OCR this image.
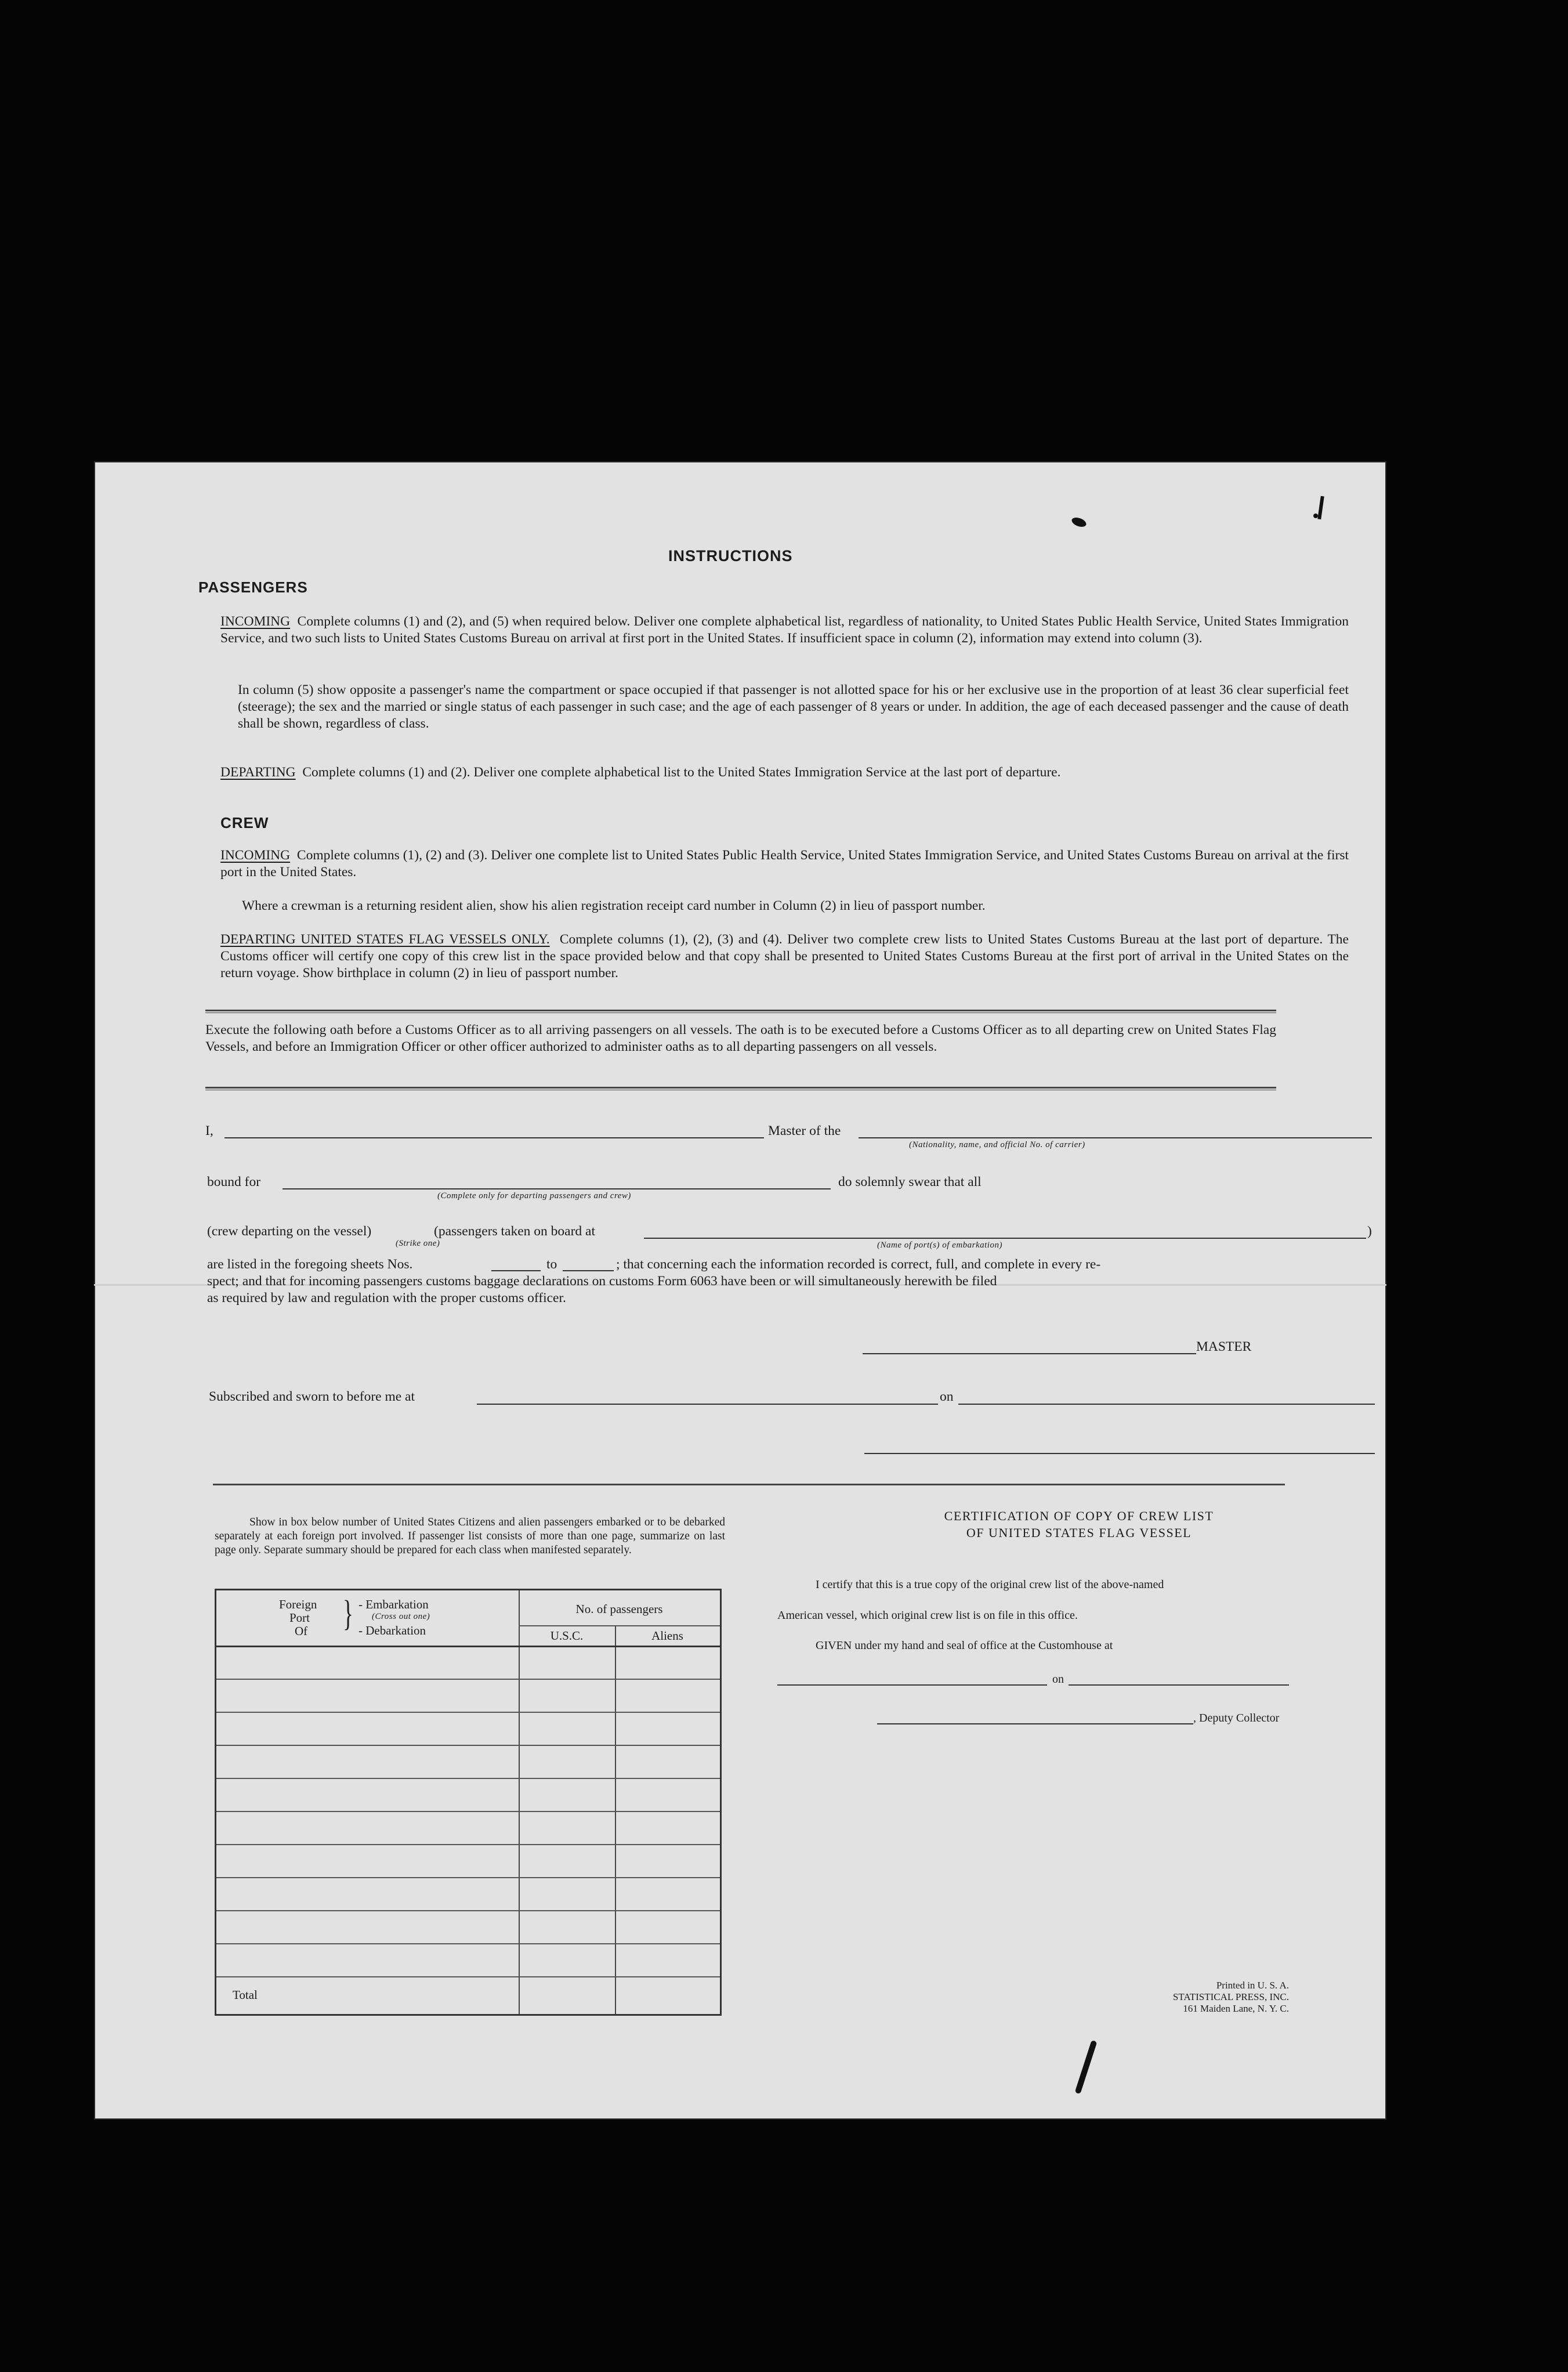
INSTRUCTIONS
PASSENGERS
INCOMING Complete columns (1) and (2), and (5) when required below. Deliver one complete alphabetical list, regardless of nationality, to United States Public Health Service, United States Immigration Service, and two such lists to United States Customs Bureau on arrival at first port in the United States. If insufficient space in column (2), information may extend into column (3).
In column (5) show opposite a passenger's name the compartment or space occupied if that passenger is not allotted space for his or her exclusive use in the proportion of at least 36 clear superficial feet (steerage); the sex and the married or single status of each passenger in such case; and the age of each passenger of 8 years or under. In addition, the age of each deceased passenger and the cause of death shall be shown, regardless of class.
DEPARTING Complete columns (1) and (2). Deliver one complete alphabetical list to the United States Immigration Service at the last port of departure.
CREW
INCOMING Complete columns (1), (2) and (3). Deliver one complete list to United States Public Health Service, United States Immigration Service, and United States Customs Bureau on arrival at the first port in the United States.
Where a crewman is a returning resident alien, show his alien registration receipt card number in Column (2) in lieu of passport number.
DEPARTING UNITED STATES FLAG VESSELS ONLY. Complete columns (1), (2), (3) and (4). Deliver two complete crew lists to United States Customs Bureau at the last port of departure. The Customs officer will certify one copy of this crew list in the space provided below and that copy shall be presented to United States Customs Bureau at the first port of arrival in the United States on the return voyage. Show birthplace in column (2) in lieu of passport number.
Execute the following oath before a Customs Officer as to all arriving passengers on all vessels. The oath is to be executed before a Customs Officer as to all departing crew on United States Flag Vessels, and before an Immigration Officer or other officer authorized to administer oaths as to all departing passengers on all vessels.
I,	Master of the
(Nationality, name, and official No. of carrier)
bound for
(Complete only for departing passengers and crew)
do solemnly swear that all
(crew departing on the vessel)	(passengers taken on board at	)
(Strike one)	(Name of port(s) of embarkation)
are listed in the foregoing sheets Nos.	to	; that concerning each the information recorded is correct, full, and complete in every re-
spect; and that for incoming passengers customs baggage declarations on customs Form 6063 have been or will simultaneously herewith be filed
as required by law and regulation with the proper customs officer.
MASTER
Subscribed and sworn to before me at	on
Show in box below number of United States Citizens and alien passengers embarked or to be debarked separately at each foreign port involved. If passenger list consists of more than one page, summarize on last page only. Separate summary should be prepared for each class when manifested separately.
Foreign
Port
Of } - Embarkation
(Cross out one)
- Debarkation
No. of passengers
U.S.C.	Aliens
Total
CERTIFICATION OF COPY OF CREW LIST
OF UNITED STATES FLAG VESSEL
I certify that this is a true copy of the original crew list of the above-named
American vessel, which original crew list is on file in this office.
GIVEN under my hand and seal of office at the Customhouse at
on
, Deputy Collector
Printed in U. S. A.
STATISTICAL PRESS, INC.
161 Maiden Lane, N. Y. C.
